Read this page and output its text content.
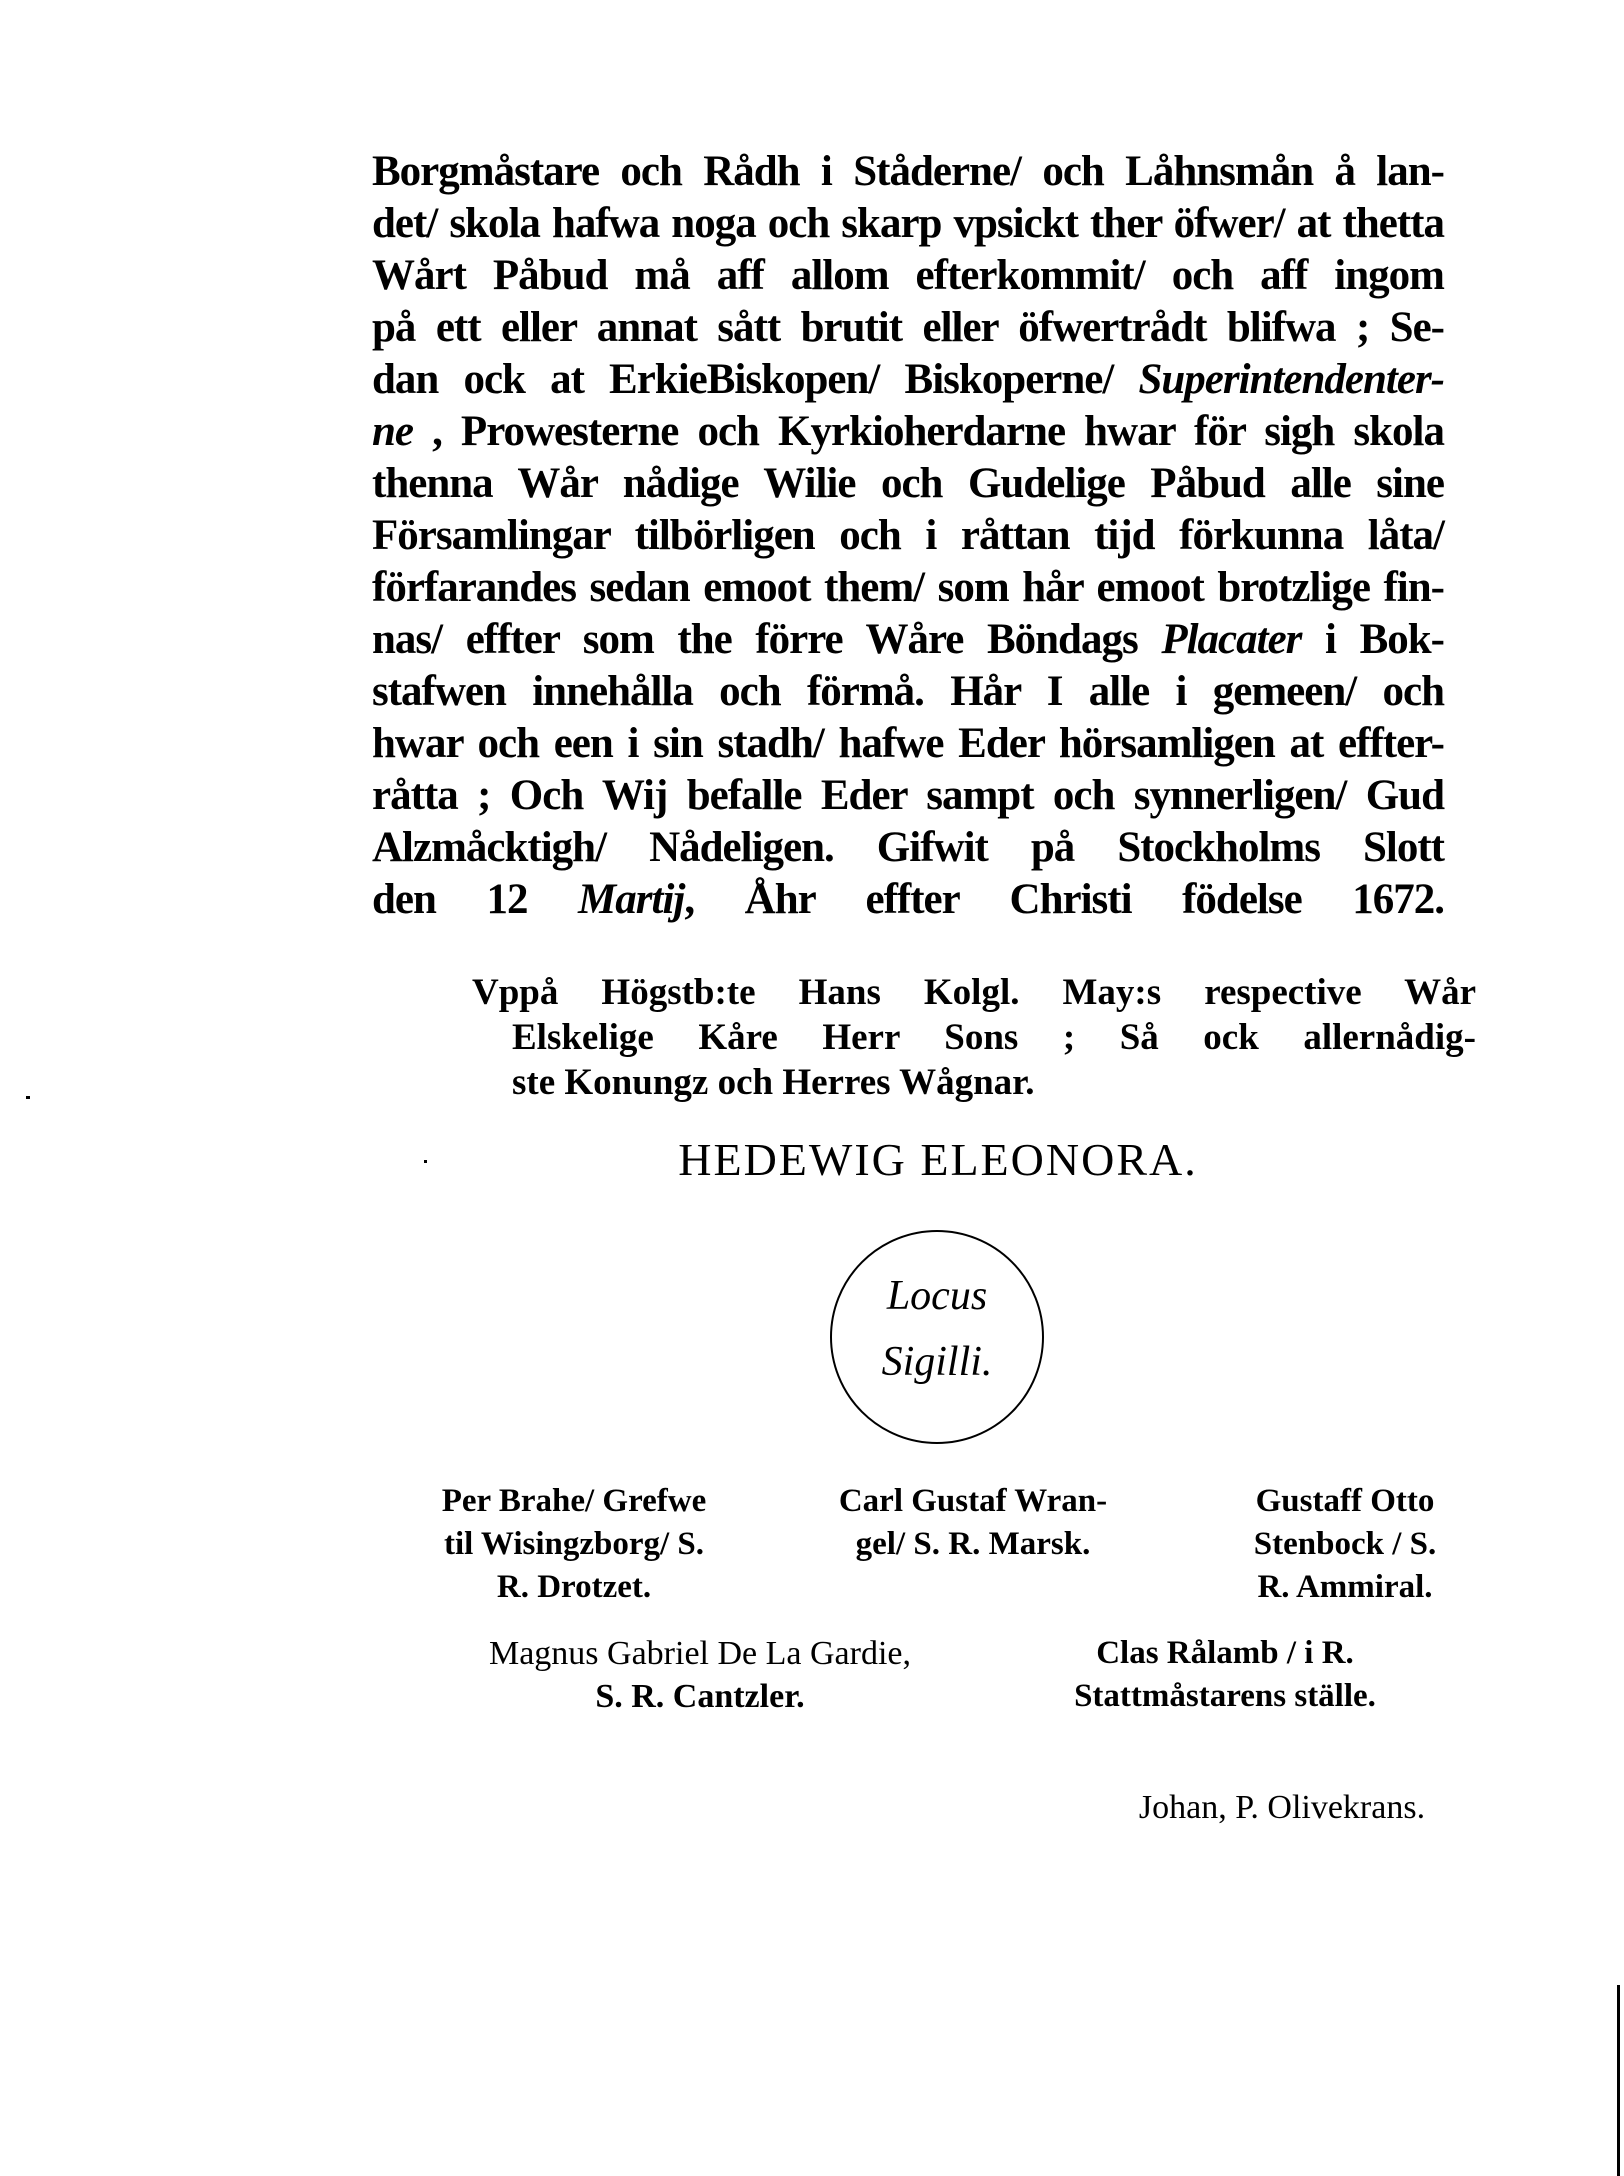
Borgmåstare och Rådh i Ståderne/ och Låhnsmån å lan-
det/ skola hafwa noga och skarp vpsickt ther öfwer/ at thetta
Wårt Påbud må aff allom efterkommit/ och aff ingom
på ett eller annat sått brutit eller öfwertrådt blifwa ; Se-
dan ock at ErkieBiskopen/ Biskoperne/ Superintendenter-
ne , Prowesterne och Kyrkioherdarne hwar för sigh skola
thenna Wår nådige Wilie och Gudelige Påbud alle sine
Församlingar tilbörligen och i råttan tijd förkunna låta/
förfarandes sedan emoot them/ som hår emoot brotzlige fin-
nas/ effter som the förre Wåre Böndags Placater i Bok-
stafwen innehålla och förmå. Hår I alle i gemeen/ och
hwar och een i sin stadh/ hafwe Eder hörsamligen at effter-
råtta ; Och Wij befalle Eder sampt och synnerligen/ Gud
Alzmåcktigh/ Nådeligen. Gifwit på Stockholms Slott
den 12 Martij, Åhr effter Christi födelse 1672.
Vppå Högstb:te Hans Kolgl. May:s respective Wår
Elskelige Kåre Herr Sons ; Så ock allernådig-
ste Konungz och Herres Wågnar.
HEDEWIG ELEONORA.
Locus
Sigilli.
Per Brahe/ Grefwe
til Wisingzborg/ S.
R. Drotzet.
Carl Gustaf Wran-
gel/ S. R. Marsk.
Gustaff Otto
Stenbock / S.
R. Ammiral.
Magnus Gabriel De La Gardie,
S. R. Cantzler.
Clas Rålamb / i R.
Stattmåstarens ställe.
Johan, P. Olivekrans.
